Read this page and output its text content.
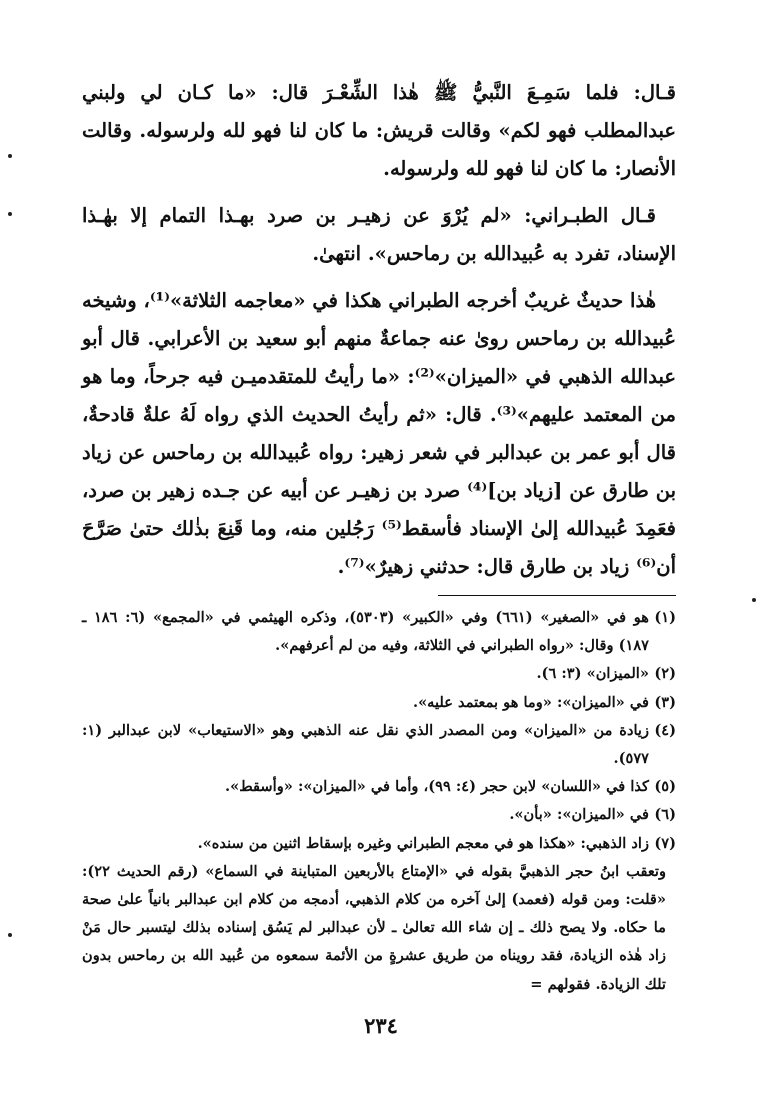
قـال: فلما سَمِـعَ النَّبيُّ ﷺ هٰذا الشِّعْـرَ قال: «ما كـان لي ولبني عبدالمطلب فهو لكم» وقالت قريش: ما كان لنا فهو لله ولرسوله. وقالت الأنصار: ما كان لنا فهو لله ولرسوله.

قـال الطبـراني: «لم يُرْوَ عن زهيـر بن صرد بهـذا التمام إلا بهٰـذا الإسناد، تفرد به عُبيدالله بن رماحس». انتهىٰ.

هٰذا حديثٌ غريبٌ أخرجه الطبراني هكذا في «معاجمه الثلاثة»⁽¹⁾، وشيخه عُبيدالله بن رماحس رویٰ عنه جماعةٌ منهم أبو سعيد بن الأعرابي. قال أبو عبدالله الذهبي في «الميزان»⁽²⁾: «ما رأيتُ للمتقدميـن فيه جرحاً، وما هو من المعتمد عليهم»⁽³⁾. قال: «ثم رأيتُ الحديث الذي رواه لَهُ علةٌ قادحةٌ، قال أبو عمر بن عبدالبر في شعر زهير: رواه عُبيدالله بن رماحس عن زياد بن طارق عن [زياد بن]⁽⁴⁾ صرد بن زهيـر عن أبيه عن جـده زهير بن صرد، فعَمِدَ عُبيدالله إلىٰ الإسناد فأسقط⁽⁵⁾ رَجُلين منه، وما قَنِعَ بذٰلك حتىٰ صَرَّحَ أن⁽⁶⁾ زياد بن طارق قال: حدثني زهيرٌ»⁽⁷⁾.

(١)
هو في «الصغير» (٦٦١) وفي «الكبير» (٥٣٠٣)، وذكره الهيثمي في «المجمع» (٦: ١٨٦ ـ ١٨٧) وقال: «رواه الطبراني في الثلاثة، وفيه من لم أعرفهم».
(٢)
«الميزان» (٣: ٦).
(٣)
في «الميزان»: «وما هو بمعتمد عليه».
(٤)
زيادة من «الميزان» ومن المصدر الذي نقل عنه الذهبي وهو «الاستيعاب» لابن عبدالبر (١: ٥٧٧).
(٥)
كذا في «اللسان» لابن حجر (٤: ٩٩)، وأما في «الميزان»: «وأسقط».
(٦)
في «الميزان»: «بأن».
(٧)
زاد الذهبي: «هكذا هو في معجم الطبراني وغيره بإسقاط اثنين من سنده».
وتعقب ابنُ حجر الذهبيَّ بقوله في «الإمتاع بالأربعين المتباينة في السماع» (رقم الحديث ٢٢): «قلت: ومن قوله (فعمد) إلىٰ آخره من كلام الذهبي، أدمجه من كلام ابن عبدالبر بانياً علىٰ صحة ما حكاه. ولا يصح ذلك ـ إن شاء الله تعالىٰ ـ لأن عبدالبر لم يَسُق إسناده بذلك ليتسبر حال مَنْ زاد هٰذه الزيادة، فقد رويناه من طريق عشرةٍ من الأئمة سمعوه من عُبيد الله بن رماحس بدون تلك الزيادة. فقولهم =
٢٣٤
